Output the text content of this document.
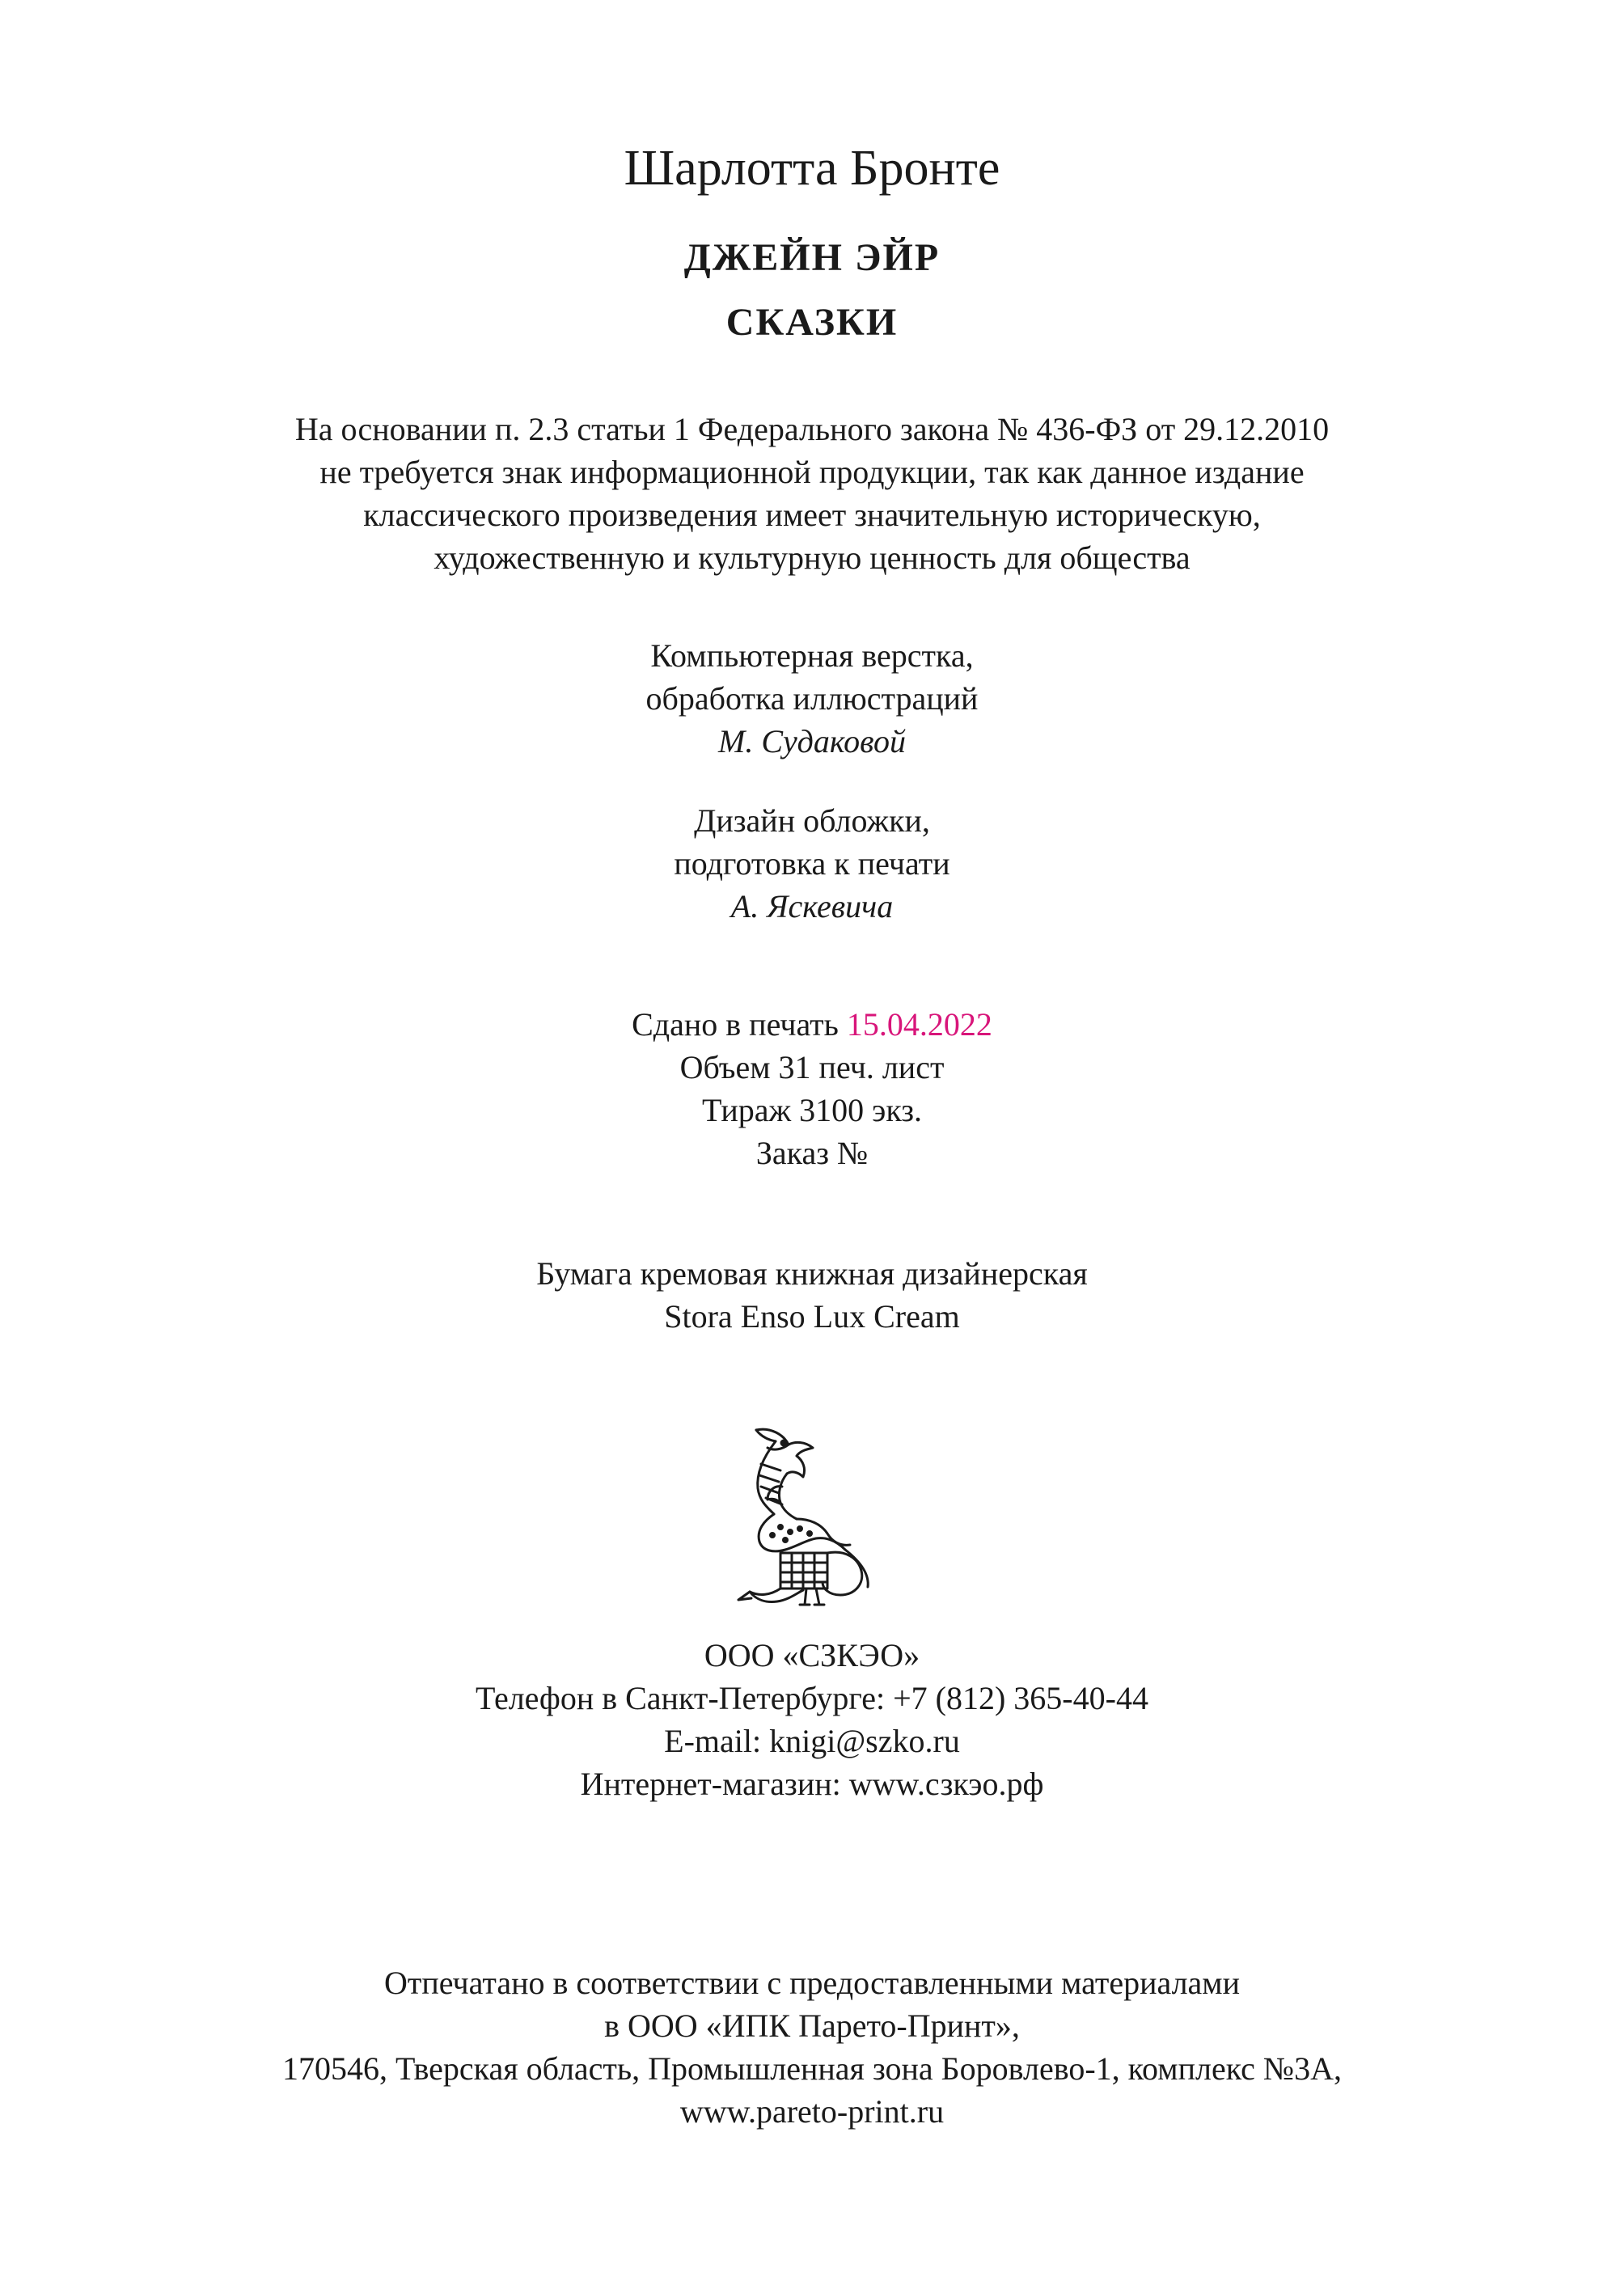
Шарлотта Бронте
ДЖЕЙН ЭЙР
СКАЗКИ
На основании п. 2.3 статьи 1 Федерального закона № 436-ФЗ от 29.12.2010
не требуется знак информационной продукции, так как данное издание
классического произведения имеет значительную историческую,
художественную и культурную ценность для общества
Компьютерная верстка,
обработка иллюстраций
М. Судаковой
Дизайн обложки,
подготовка к печати
А. Яскевича
Сдано в печать 15.04.2022
Объем 31 печ. лист
Тираж 3100 экз.
Заказ №
Бумага кремовая книжная дизайнерская
Stora Enso Lux Cream
ООО «СЗКЭО»
Телефон в Санкт-Петербурге: +7 (812) 365-40-44
E-mail: knigi@szko.ru
Интернет-магазин: www.сзкэо.рф
Отпечатано в соответствии с предоставленными материалами
в ООО «ИПК Парето-Принт»,
170546, Тверская область, Промышленная зона Боровлево-1, комплекс №3А,
www.pareto-print.ru
